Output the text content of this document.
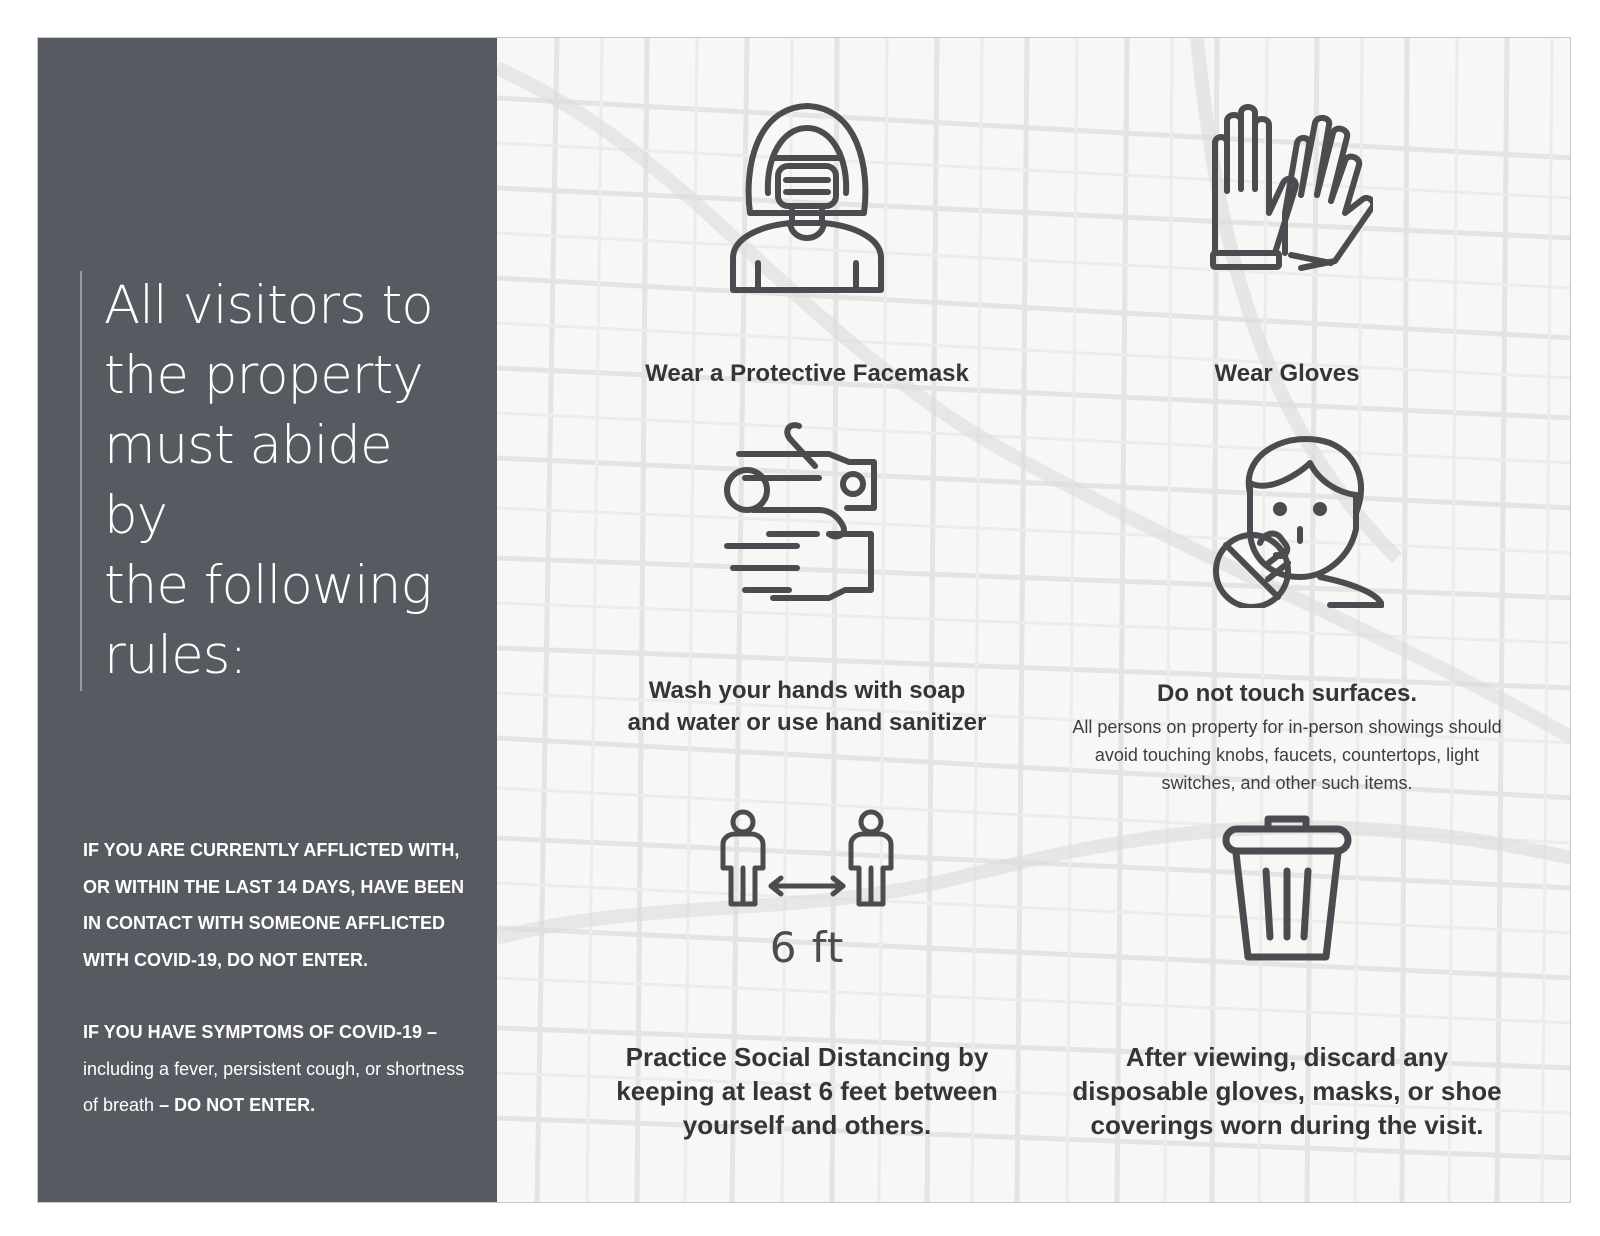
All visitors to
the property
must abide by
the following
rules:
IF YOU ARE CURRENTLY AFFLICTED WITH, OR WITHIN THE LAST 14 DAYS, HAVE BEEN IN CONTACT WITH SOMEONE AFFLICTED WITH COVID-19, DO NOT ENTER.
IF YOU HAVE SYMPTOMS OF COVID-19 – including a fever, persistent cough, or shortness of breath – DO NOT ENTER.
Wear a Protective Facemask	Wear Gloves
Wash your hands with soap
and water or use hand sanitizer
Do not touch surfaces.
All persons on property for in-person showings should
avoid touching knobs, faucets, countertops, light
switches, and other such items.
6 ft
Practice Social Distancing by
keeping at least 6 feet between
yourself and others.
After viewing, discard any
disposable gloves, masks, or shoe
coverings worn during the visit.
